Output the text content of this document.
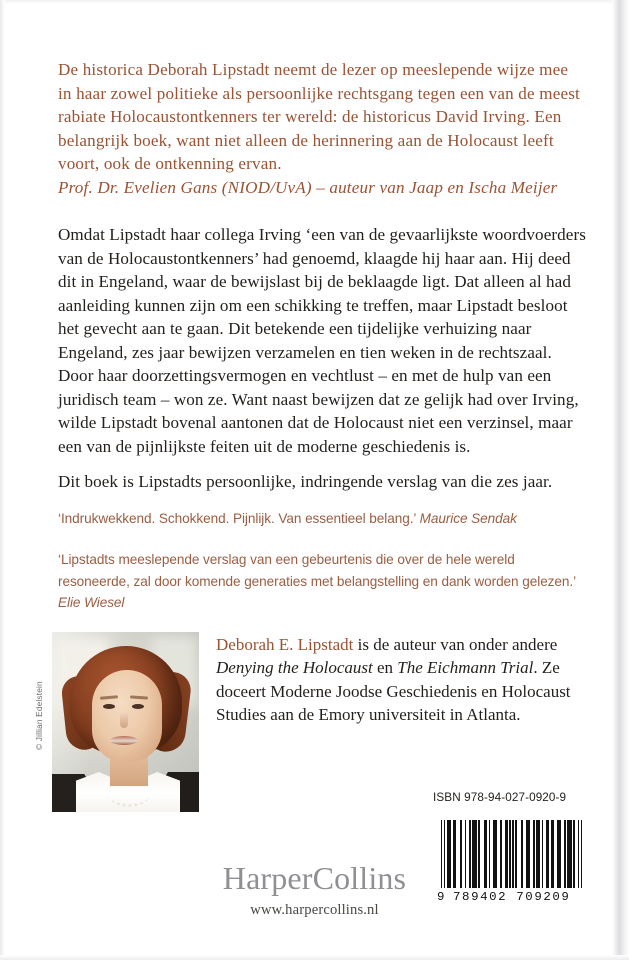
De historica Deborah Lipstadt neemt de lezer op meeslepende wijze mee in haar zowel politieke als persoonlijke rechtsgang tegen een van de meest rabiate Holocaustontkenners ter wereld: de historicus David Irving. Een belangrijk boek, want niet alleen de herinnering aan de Holocaust leeft voort, ook de ontkenning ervan.
Prof. Dr. Evelien Gans (NIOD/UvA) – auteur van Jaap en Ischa Meijer
Omdat Lipstadt haar collega Irving ‘een van de gevaarlijkste woordvoerders van de Holocaustontkenners’ had genoemd, klaagde hij haar aan. Hij deed dit in Engeland, waar de bewijslast bij de beklaagde ligt. Dat alleen al had aanleiding kunnen zijn om een schikking te treffen, maar Lipstadt besloot het gevecht aan te gaan. Dit betekende een tijdelijke verhuizing naar Engeland, zes jaar bewijzen verzamelen en tien weken in de rechtszaal. Door haar doorzettingsvermogen en vechtlust – en met de hulp van een juridisch team – won ze. Want naast bewijzen dat ze gelijk had over Irving, wilde Lipstadt bovenal aantonen dat de Holocaust niet een verzinsel, maar een van de pijnlijkste feiten uit de moderne geschiedenis is.
Dit boek is Lipstadts persoonlijke, indringende verslag van die zes jaar.
‘Indrukwekkend. Schokkend. Pijnlijk. Van essentieel belang.’ Maurice Sendak
‘Lipstadts meeslepende verslag van een gebeurtenis die over de hele wereld resoneerde, zal door komende generaties met belangstelling en dank worden gelezen.’ Elie Wiesel
© Jillian Edelstein
Deborah E. Lipstadt is de auteur van onder andere Denying the Holocaust en The Eichmann Trial. Ze doceert Moderne Joodse Geschiedenis en Holocaust Studies aan de Emory universiteit in Atlanta.
ISBN 978-94-027-0920-9
9 789402 709209
HarperCollins
www.harpercollins.nl
